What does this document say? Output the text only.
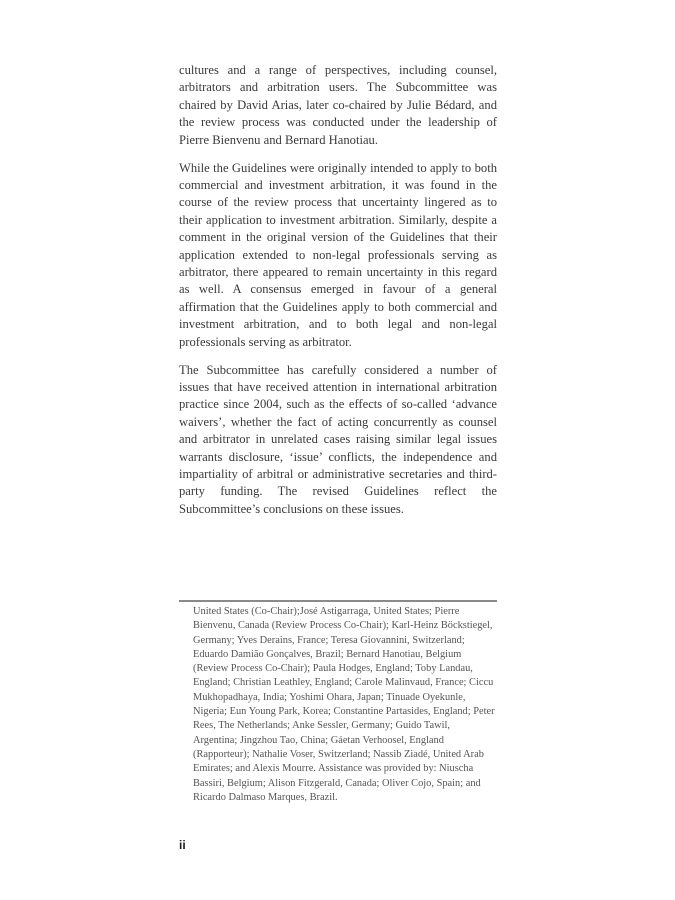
cultures and a range of perspectives, including counsel, arbitrators and arbitration users. The Subcommittee was chaired by David Arias, later co-chaired by Julie Bédard, and the review process was conducted under the leadership of Pierre Bienvenu and Bernard Hanotiau.

While the Guidelines were originally intended to apply to both commercial and investment arbitration, it was found in the course of the review process that uncertainty lingered as to their application to investment arbitration. Similarly, despite a comment in the original version of the Guidelines that their application extended to non-legal professionals serving as arbitrator, there appeared to remain uncertainty in this regard as well. A consensus emerged in favour of a general affirmation that the Guidelines apply to both commercial and investment arbitration, and to both legal and non-legal professionals serving as arbitrator.

The Subcommittee has carefully considered a number of issues that have received attention in international arbitration practice since 2004, such as the effects of so-called ‘advance waivers’, whether the fact of acting concurrently as counsel and arbitrator in unrelated cases raising similar legal issues warrants disclosure, ‘issue’ conflicts, the independence and impartiality of arbitral or administrative secretaries and third-party funding. The revised Guidelines reflect the Subcommittee’s conclusions on these issues.

United States (Co-Chair);José Astigarraga, United States; Pierre Bienvenu, Canada (Review Process Co-Chair); Karl-Heinz Böckstiegel, Germany; Yves Derains, France; Teresa Giovannini, Switzerland; Eduardo Damião Gonçalves, Brazil; Bernard Hanotiau, Belgium (Review Process Co-Chair); Paula Hodges, England; Toby Landau, England; Christian Leathley, England; Carole Malinvaud, France; Ciccu Mukhopadhaya, India; Yoshimi Ohara, Japan; Tinuade Oyekunle, Nigeria; Eun Young Park, Korea; Constantine Partasides, England; Peter Rees, The Netherlands; Anke Sessler, Germany; Guido Tawil, Argentina; Jingzhou Tao, China; Gáetan Verhoosel, England (Rapporteur); Nathalie Voser, Switzerland; Nassib Ziadé, United Arab Emirates; and Alexis Mourre. Assistance was provided by: Niuscha Bassiri, Belgium; Alison Fitzgerald, Canada; Oliver Cojo, Spain; and Ricardo Dalmaso Marques, Brazil.
ii
